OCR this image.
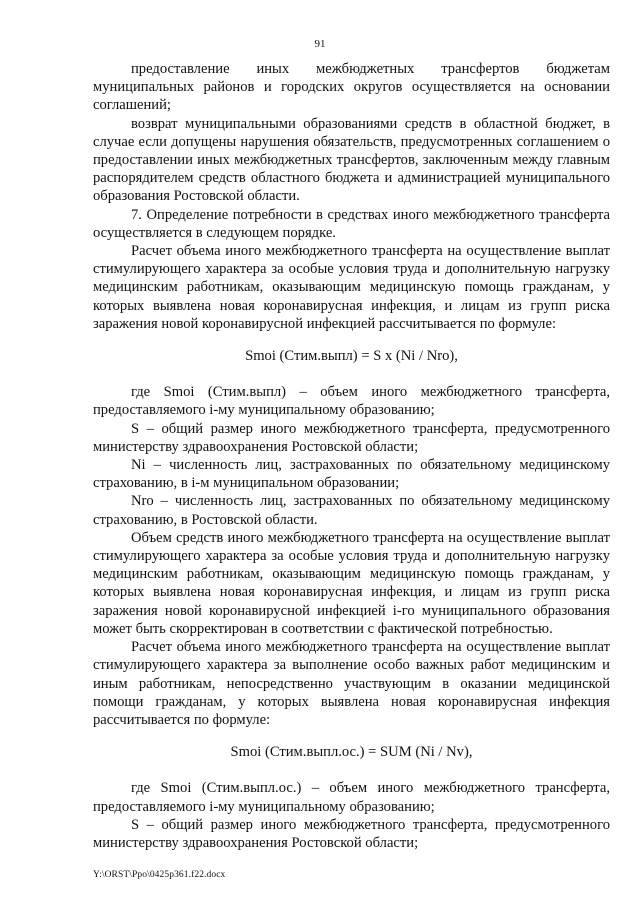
91

предоставление иных межбюджетных трансфертов бюджетам муниципальных районов и городских округов осуществляется на основании соглашений;

возврат муниципальными образованиями средств в областной бюджет, в случае если допущены нарушения обязательств, предусмотренных соглашением о предоставлении иных межбюджетных трансфертов, заключенным между главным распорядителем средств областного бюджета и администрацией муниципального образования Ростовской области.

7. Определение потребности в средствах иного межбюджетного трансферта осуществляется в следующем порядке.

Расчет объема иного межбюджетного трансферта на осуществление выплат стимулирующего характера за особые условия труда и дополнительную нагрузку медицинским работникам, оказывающим медицинскую помощь гражданам, у которых выявлена новая коронавирусная инфекция, и лицам из групп риска заражения новой коронавирусной инфекцией рассчитывается по формуле:

Smoi (Стим.выпл) = S x (Ni / Nro),

где Smoi (Стим.выпл) – объем иного межбюджетного трансферта, предоставляемого i-му муниципальному образованию;

S – общий размер иного межбюджетного трансферта, предусмотренного министерству здравоохранения Ростовской области;

Ni – численность лиц, застрахованных по обязательному медицинскому страхованию, в i-м муниципальном образовании;

Nro – численность лиц, застрахованных по обязательному медицинскому страхованию, в Ростовской области.

Объем средств иного межбюджетного трансферта на осуществление выплат стимулирующего характера за особые условия труда и дополнительную нагрузку медицинским работникам, оказывающим медицинскую помощь гражданам, у которых выявлена новая коронавирусная инфекция, и лицам из групп риска заражения новой коронавирусной инфекцией i-го муниципального образования может быть скорректирован в соответствии с фактической потребностью.

Расчет объема иного межбюджетного трансферта на осуществление выплат стимулирующего характера за выполнение особо важных работ медицинским и иным работникам, непосредственно участвующим в оказании медицинской помощи гражданам, у которых выявлена новая коронавирусная инфекция рассчитывается по формуле:

Smoi (Стим.выпл.ос.) = SUM (Ni / Nv),

где Smoi (Стим.выпл.ос.) – объем иного межбюджетного трансферта, предоставляемого i-му муниципальному образованию;

S – общий размер иного межбюджетного трансферта, предусмотренного министерству здравоохранения Ростовской области;

Y:\ORST\Ppo\0425p361.f22.docx
